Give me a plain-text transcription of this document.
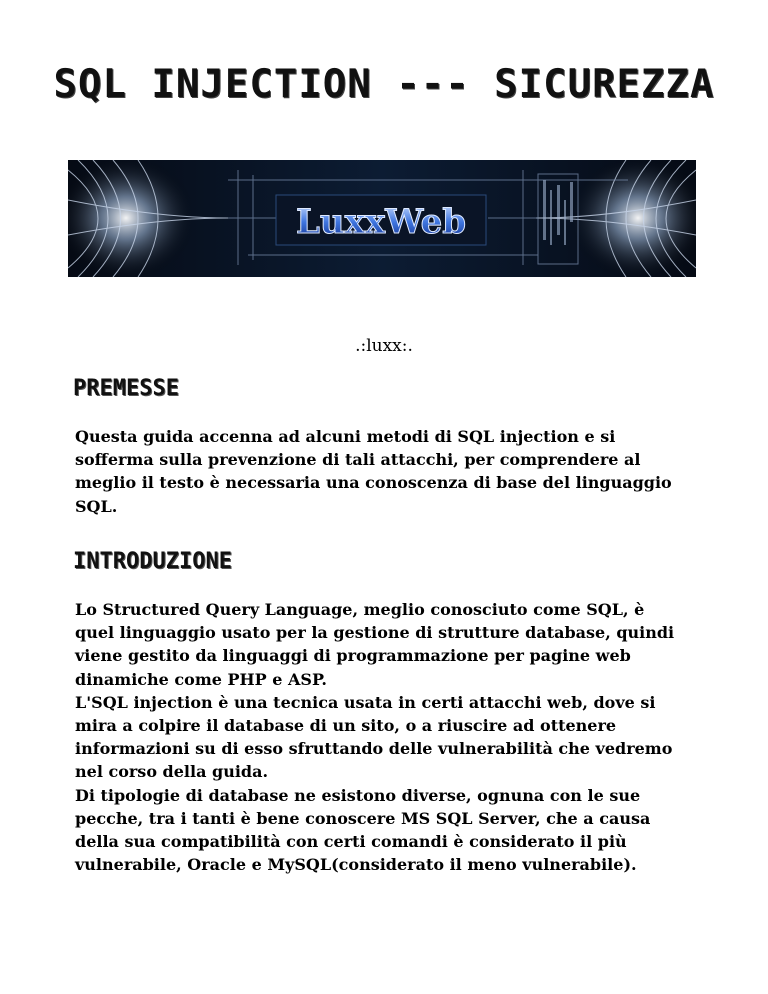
SQL INJECTION --- SICUREZZA
LuxxWeb

.:luxx:.

PREMESSE

Questa guida accenna ad alcuni metodi di SQL injection e si
sofferma sulla prevenzione di tali attacchi, per comprendere al
meglio il testo è necessaria una conoscenza di base del linguaggio
SQL.

INTRODUZIONE

Lo Structured Query Language, meglio conosciuto come SQL, è
quel linguaggio usato per la gestione di strutture database, quindi
viene gestito da linguaggi di programmazione per pagine web
dinamiche come PHP e ASP.
L'SQL injection è una tecnica usata in certi attacchi web, dove si
mira a colpire il database di un sito, o a riuscire ad ottenere
informazioni su di esso sfruttando delle vulnerabilità che vedremo
nel corso della guida.
Di tipologie di database ne esistono diverse, ognuna con le sue
pecche, tra i tanti è bene conoscere MS SQL Server, che a causa
della sua compatibilità con certi comandi è considerato il più
vulnerabile, Oracle e MySQL(considerato il meno vulnerabile).
